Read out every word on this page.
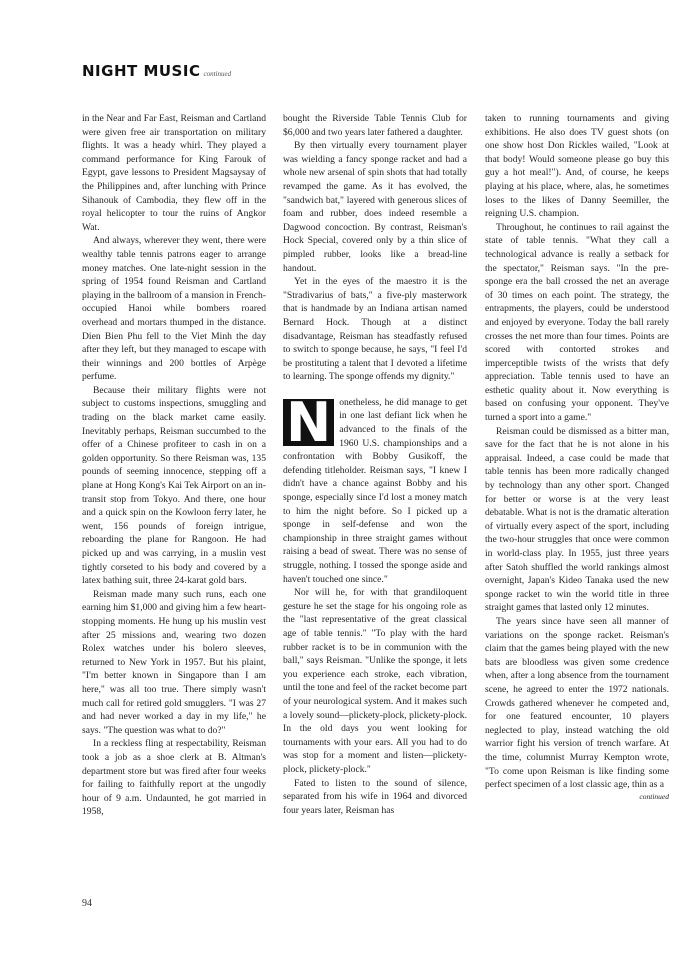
NIGHT MUSIC continued

in the Near and Far East, Reisman and Cartland were given free air transportation on military flights. It was a heady whirl. They played a command performance for King Farouk of Egypt, gave lessons to President Magsaysay of the Philippines and, after lunching with Prince Sihanouk of Cambodia, they flew off in the royal helicopter to tour the ruins of Angkor Wat.

And always, wherever they went, there were wealthy table tennis patrons eager to arrange money matches. One late-night session in the spring of 1954 found Reisman and Cartland playing in the ballroom of a mansion in French-occupied Hanoi while bombers roared overhead and mortars thumped in the distance. Dien Bien Phu fell to the Viet Minh the day after they left, but they managed to escape with their winnings and 200 bottles of Arpège perfume.

Because their military flights were not subject to customs inspections, smuggling and trading on the black market came easily. Inevitably perhaps, Reisman succumbed to the offer of a Chinese profiteer to cash in on a golden opportunity. So there Reisman was, 135 pounds of seeming innocence, stepping off a plane at Hong Kong's Kai Tek Airport on an in-transit stop from Tokyo. And there, one hour and a quick spin on the Kowloon ferry later, he went, 156 pounds of foreign intrigue, reboarding the plane for Rangoon. He had picked up and was carrying, in a muslin vest tightly corseted to his body and covered by a latex bathing suit, three 24-karat gold bars.

Reisman made many such runs, each one earning him $1,000 and giving him a few heart-stopping moments. He hung up his muslin vest after 25 missions and, wearing two dozen Rolex watches under his bolero sleeves, returned to New York in 1957. But his plaint, "I'm better known in Singapore than I am here," was all too true. There simply wasn't much call for retired gold smugglers. "I was 27 and had never worked a day in my life," he says. "The question was what to do?"

In a reckless fling at respectability, Reisman took a job as a shoe clerk at B. Altman's department store but was fired after four weeks for failing to faithfully report at the ungodly hour of 9 a.m. Undaunted, he got married in 1958,

bought the Riverside Table Tennis Club for $6,000 and two years later fathered a daughter.

By then virtually every tournament player was wielding a fancy sponge racket and had a whole new arsenal of spin shots that had totally revamped the game. As it has evolved, the "sandwich bat," layered with generous slices of foam and rubber, does indeed resemble a Dagwood concoction. By contrast, Reisman's Hock Special, covered only by a thin slice of pimpled rubber, looks like a bread-line handout.

Yet in the eyes of the maestro it is the "Stradivarius of bats," a five-ply masterwork that is handmade by an Indiana artisan named Bernard Hock. Though at a distinct disadvantage, Reisman has steadfastly refused to switch to sponge because, he says, "I feel I'd be prostituting a talent that I devoted a lifetime to learning. The sponge offends my dignity."

N onetheless, he did manage to get in one last defiant lick when he advanced to the finals of the 1960 U.S. championships and a confrontation with Bobby Gusikoff, the defending titleholder. Reisman says, "I knew I didn't have a chance against Bobby and his sponge, especially since I'd lost a money match to him the night before. So I picked up a sponge in self-defense and won the championship in three straight games without raising a bead of sweat. There was no sense of struggle, nothing. I tossed the sponge aside and haven't touched one since."

Nor will he, for with that grandiloquent gesture he set the stage for his ongoing role as the "last representative of the great classical age of table tennis." "To play with the hard rubber racket is to be in communion with the ball," says Reisman. "Unlike the sponge, it lets you experience each stroke, each vibration, until the tone and feel of the racket become part of your neurological system. And it makes such a lovely sound—plickety-plock, plickety-plock. In the old days you went looking for tournaments with your ears. All you had to do was stop for a moment and listen—plickety-plock, plickety-plock."

Fated to listen to the sound of silence, separated from his wife in 1964 and divorced four years later, Reisman has

taken to running tournaments and giving exhibitions. He also does TV guest shots (on one show host Don Rickles wailed, "Look at that body! Would someone please go buy this guy a hot meal!"). And, of course, he keeps playing at his place, where, alas, he sometimes loses to the likes of Danny Seemiller, the reigning U.S. champion.

Throughout, he continues to rail against the state of table tennis. "What they call a technological advance is really a setback for the spectator," Reisman says. "In the pre-sponge era the ball crossed the net an average of 30 times on each point. The strategy, the entrapments, the players, could be understood and enjoyed by everyone. Today the ball rarely crosses the net more than four times. Points are scored with contorted strokes and imperceptible twists of the wrists that defy appreciation. Table tennis used to have an esthetic quality about it. Now everything is based on confusing your opponent. They've turned a sport into a game."

Reisman could be dismissed as a bitter man, save for the fact that he is not alone in his appraisal. Indeed, a case could be made that table tennis has been more radically changed by technology than any other sport. Changed for better or worse is at the very least debatable. What is not is the dramatic alteration of virtually every aspect of the sport, including the two-hour struggles that once were common in world-class play. In 1955, just three years after Satoh shuffled the world rankings almost overnight, Japan's Kideo Tanaka used the new sponge racket to win the world title in three straight games that lasted only 12 minutes.

The years since have seen all manner of variations on the sponge racket. Reisman's claim that the games being played with the new bats are bloodless was given some credence when, after a long absence from the tournament scene, he agreed to enter the 1972 nationals. Crowds gathered whenever he competed and, for one featured encounter, 10 players neglected to play, instead watching the old warrior fight his version of trench warfare. At the time, columnist Murray Kempton wrote, "To come upon Reisman is like finding some perfect specimen of a lost classic age, thin as a

continued
94
